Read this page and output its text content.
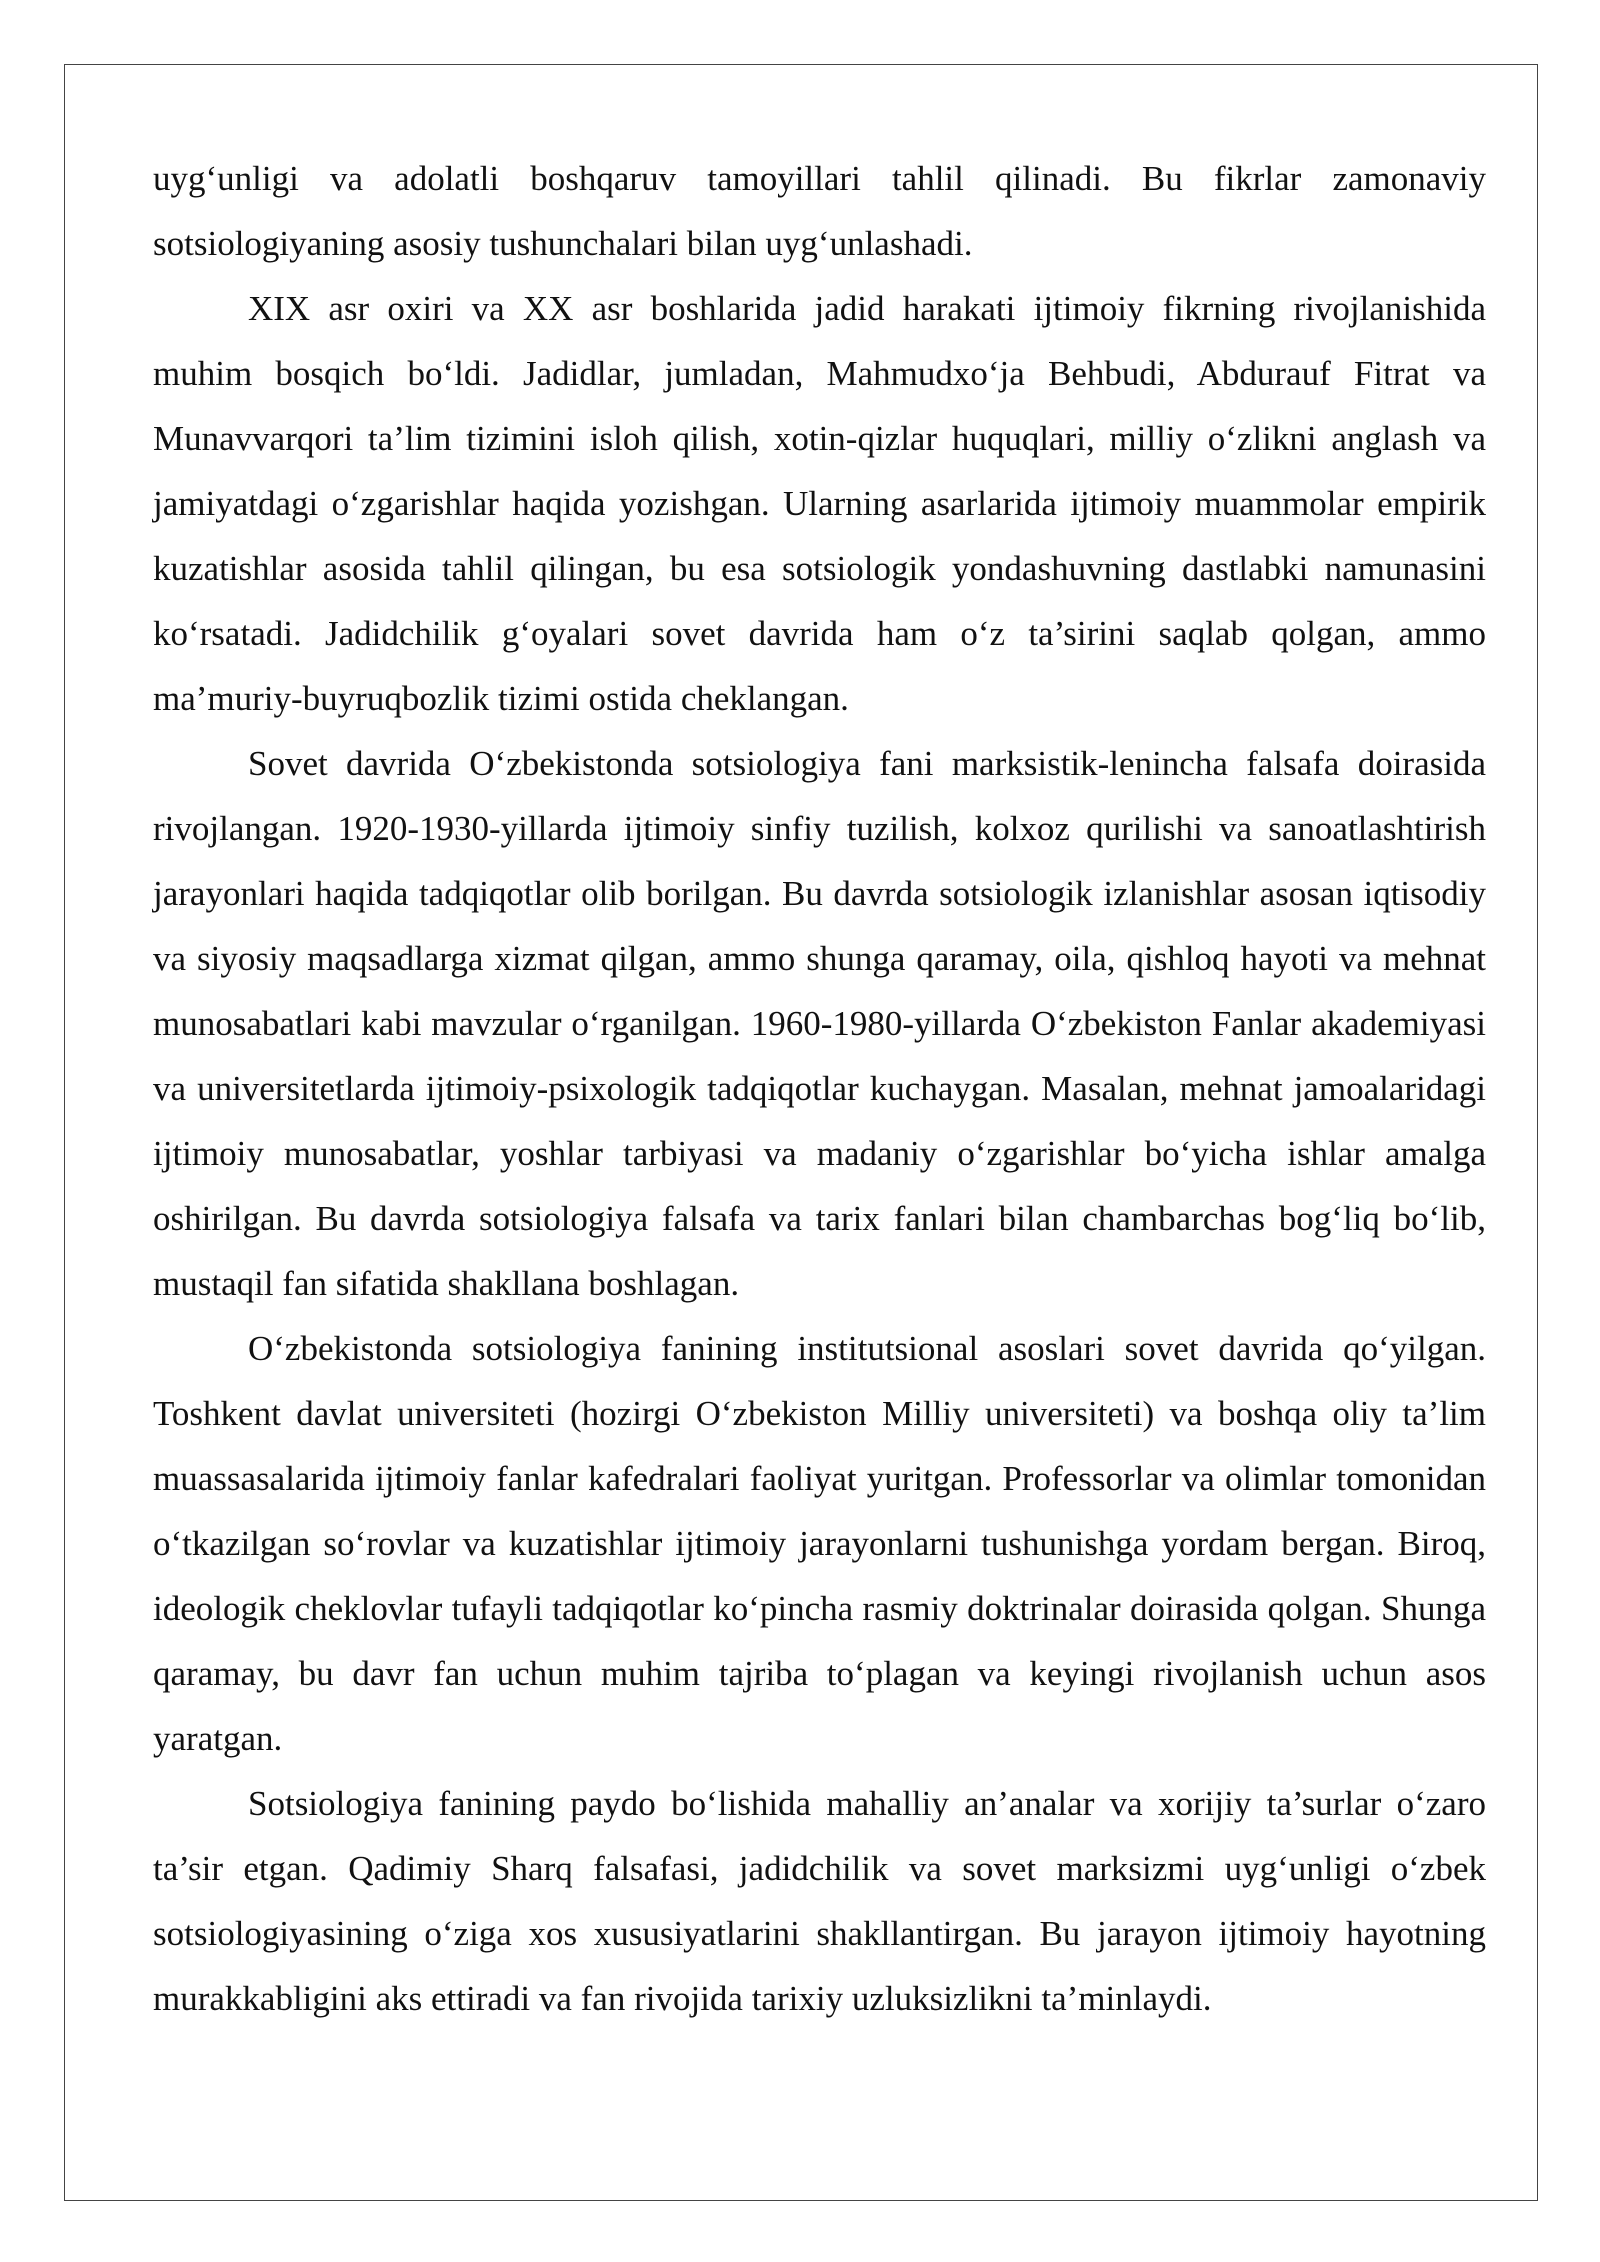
uyg‘unligi va adolatli boshqaruv tamoyillari tahlil qilinadi. Bu fikrlar zamonaviy sotsiologiyaning asosiy tushunchalari bilan uyg‘unlashadi.

XIX asr oxiri va XX asr boshlarida jadid harakati ijtimoiy fikrning rivojlanishida muhim bosqich bo‘ldi. Jadidlar, jumladan, Mahmudxo‘ja Behbudi, Abdurauf Fitrat va Munavvarqori ta’lim tizimini isloh qilish, xotin-qizlar huquqlari, milliy o‘zlikni anglash va jamiyatdagi o‘zgarishlar haqida yozishgan. Ularning asarlarida ijtimoiy muammolar empirik kuzatishlar asosida tahlil qilingan, bu esa sotsiologik yondashuvning dastlabki namunasini ko‘rsatadi. Jadidchilik g‘oyalari sovet davrida ham o‘z ta’sirini saqlab qolgan, ammo ma’muriy-buyruqbozlik tizimi ostida cheklangan.

Sovet davrida O‘zbekistonda sotsiologiya fani marksistik-lenincha falsafa doirasida rivojlangan. 1920-1930-yillarda ijtimoiy sinfiy tuzilish, kolxoz qurilishi va sanoatlashtirish jarayonlari haqida tadqiqotlar olib borilgan. Bu davrda sotsiologik izlanishlar asosan iqtisodiy va siyosiy maqsadlarga xizmat qilgan, ammo shunga qaramay, oila, qishloq hayoti va mehnat munosabatlari kabi mavzular o‘rganilgan. 1960-1980-yillarda O‘zbekiston Fanlar akademiyasi va universitetlarda ijtimoiy-psixologik tadqiqotlar kuchaygan. Masalan, mehnat jamoalaridagi ijtimoiy munosabatlar, yoshlar tarbiyasi va madaniy o‘zgarishlar bo‘yicha ishlar amalga oshirilgan. Bu davrda sotsiologiya falsafa va tarix fanlari bilan chambarchas bog‘liq bo‘lib, mustaqil fan sifatida shakllana boshlagan.

O‘zbekistonda sotsiologiya fanining institutsional asoslari sovet davrida qo‘yilgan. Toshkent davlat universiteti (hozirgi O‘zbekiston Milliy universiteti) va boshqa oliy ta’lim muassasalarida ijtimoiy fanlar kafedralari faoliyat yuritgan. Professorlar va olimlar tomonidan o‘tkazilgan so‘rovlar va kuzatishlar ijtimoiy jarayonlarni tushunishga yordam bergan. Biroq, ideologik cheklovlar tufayli tadqiqotlar ko‘pincha rasmiy doktrinalar doirasida qolgan. Shunga qaramay, bu davr fan uchun muhim tajriba to‘plagan va keyingi rivojlanish uchun asos yaratgan.

Sotsiologiya fanining paydo bo‘lishida mahalliy an’analar va xorijiy ta’surlar o‘zaro ta’sir etgan. Qadimiy Sharq falsafasi, jadidchilik va sovet marksizmi uyg‘unligi o‘zbek sotsiologiyasining o‘ziga xos xususiyatlarini shakllantirgan. Bu jarayon ijtimoiy hayotning murakkabligini aks ettiradi va fan rivojida tarixiy uzluksizlikni ta’minlaydi.
